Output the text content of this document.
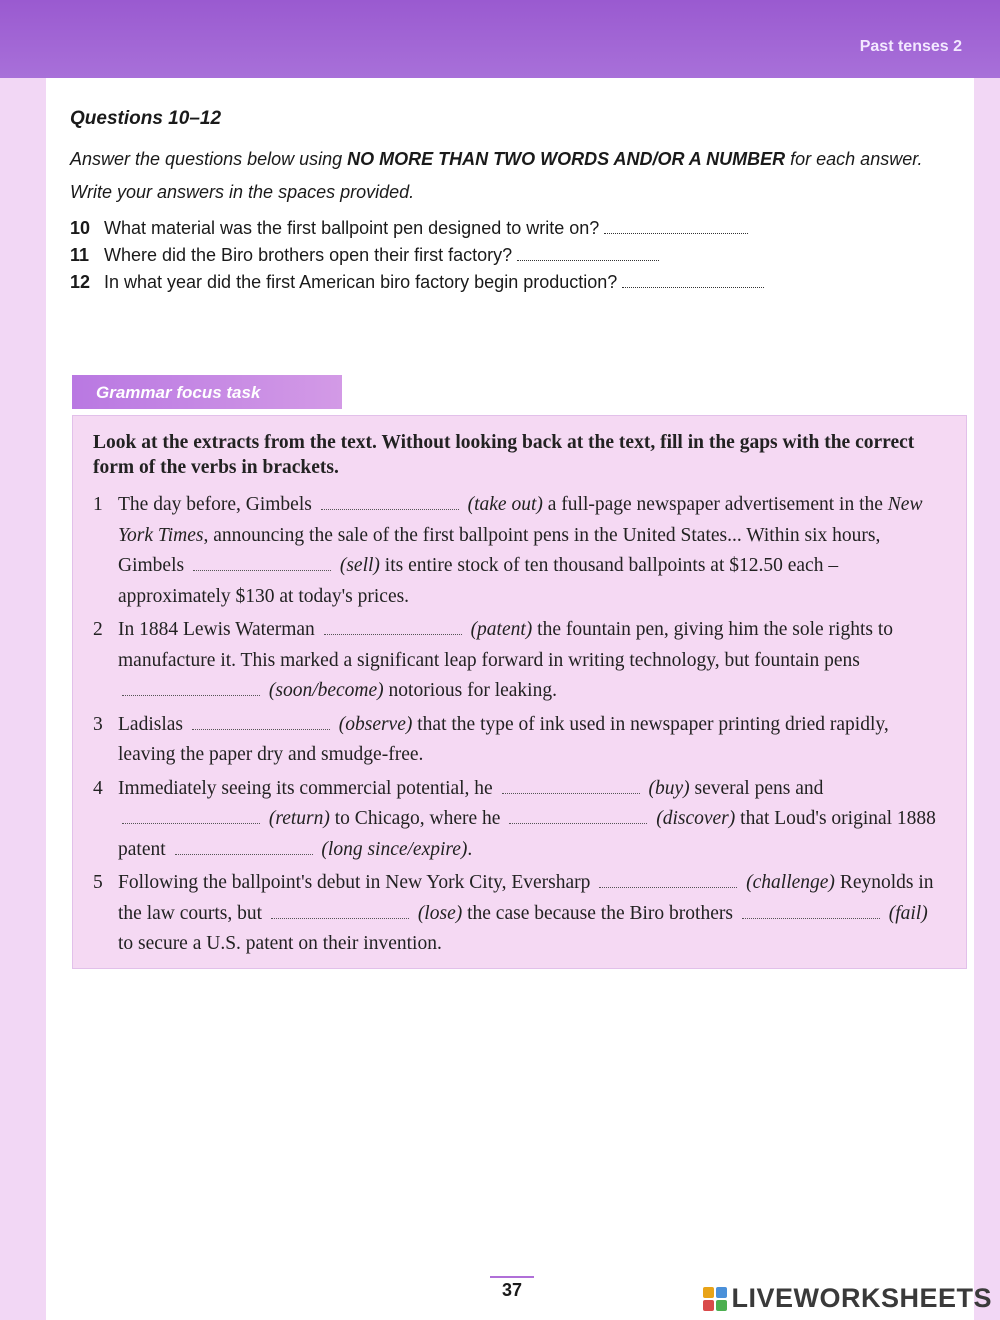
Past tenses 2
Questions 10–12

Answer the questions below using NO MORE THAN TWO WORDS AND/OR A NUMBER for each answer.

Write your answers in the spaces provided.

10 What material was the first ballpoint pen designed to write on?
11 Where did the Biro brothers open their first factory?
12 In what year did the first American biro factory begin production?
Grammar focus task

Look at the extracts from the text. Without looking back at the text, fill in the gaps with the correct form of the verbs in brackets.

1 The day before, Gimbels	(take out) a full-page newspaper advertisement in the New York Times, announcing the sale of the first ballpoint pens in the United States... Within six hours, Gimbels	(sell) its entire stock of ten thousand ballpoints at $12.50 each – approximately $130 at today's prices.
2 In 1884 Lewis Waterman	(patent) the fountain pen, giving him the sole rights to manufacture it. This marked a significant leap forward in writing technology, but fountain pens  (soon/become) notorious for leaking.
3 Ladislas	(observe) that the type of ink used in newspaper printing dried rapidly, leaving the paper dry and smudge-free.
4 Immediately seeing its commercial potential, he	(buy) several pens and  (return) to Chicago, where he	(discover) that Loud's original 1888 patent	(long since/expire).
5 Following the ballpoint's debut in New York City, Eversharp	(challenge) Reynolds in the law courts, but	(lose) the case because the Biro brothers	(fail) to secure a U.S. patent on their invention.
37	LIVEWORKSHEETS
